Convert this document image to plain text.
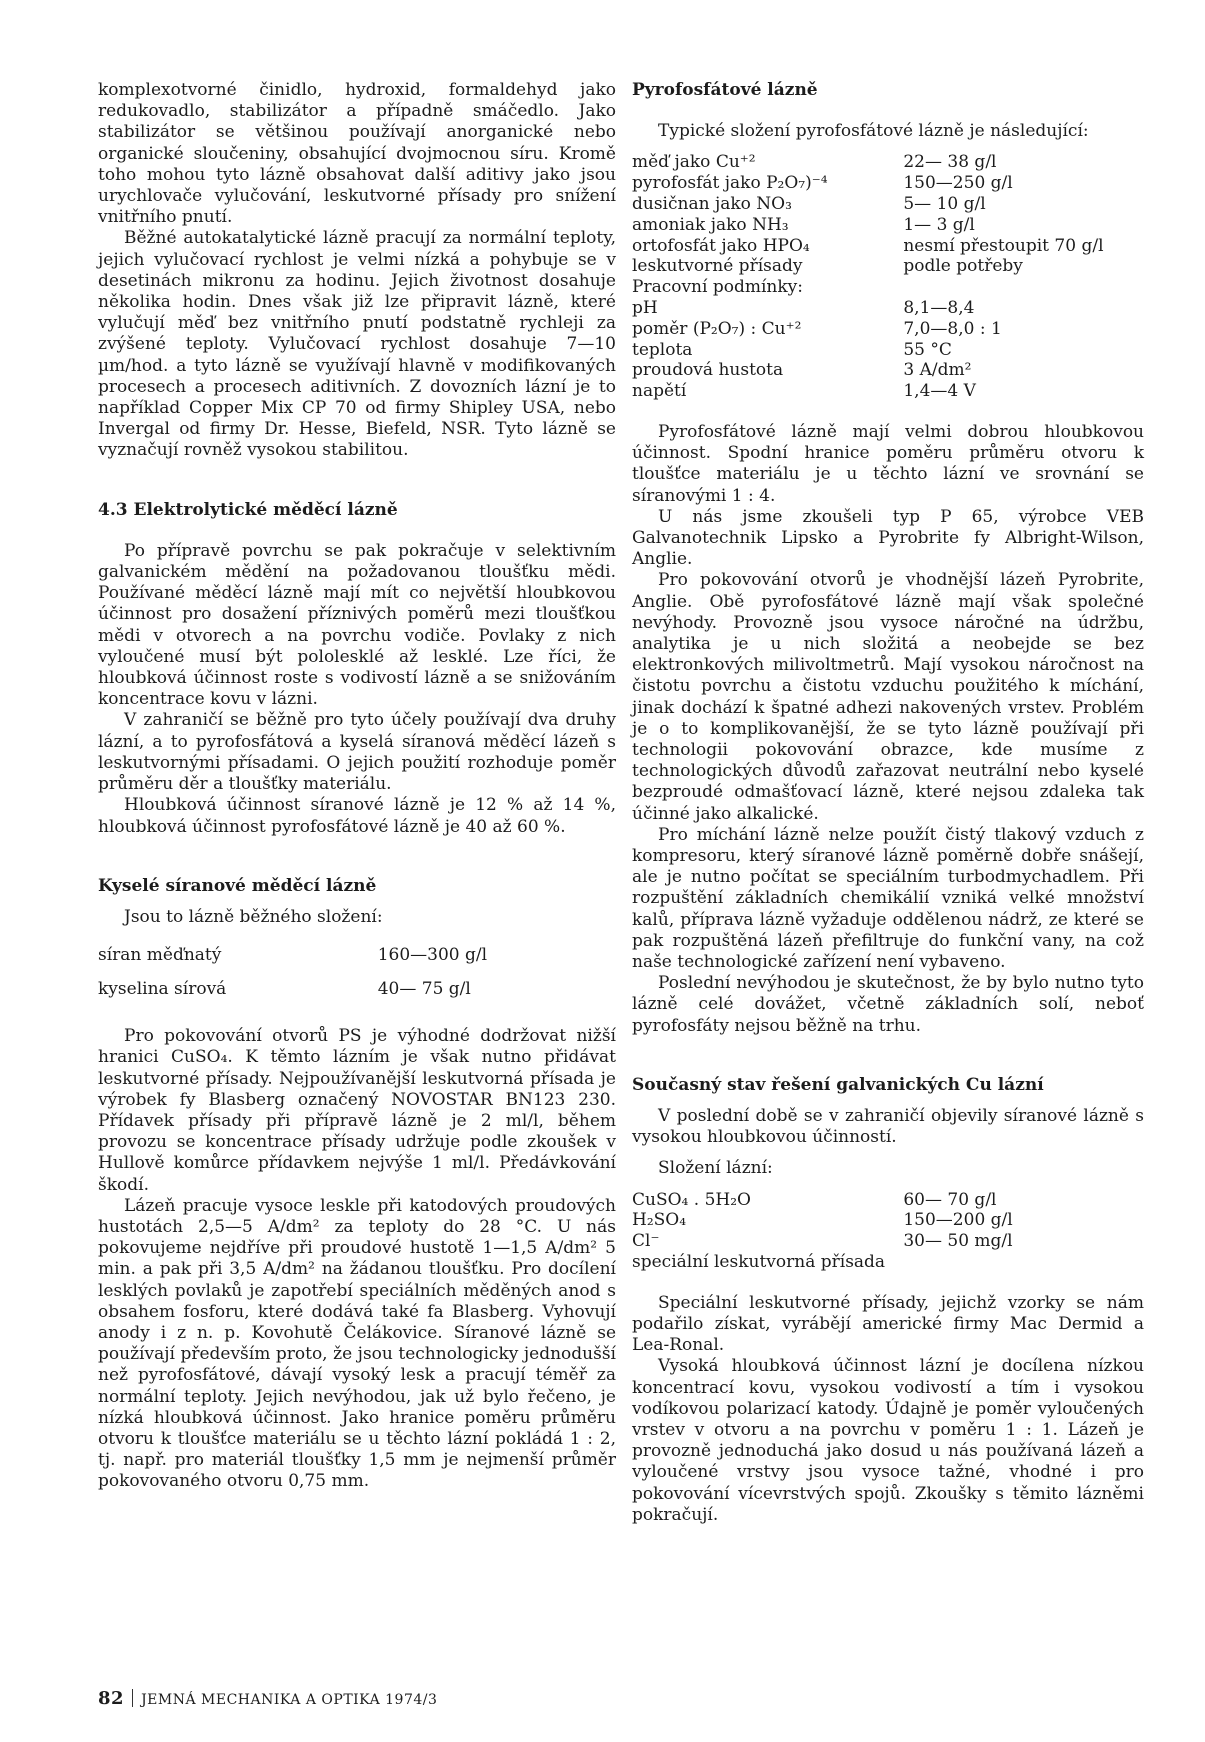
komplexotvorné činidlo, hydroxid, formaldehyd jako redukovadlo, stabilizátor a případně smáčedlo. Jako stabilizátor se většinou používají anorganické nebo organické sloučeniny, obsahující dvojmocnou síru. Kromě toho mohou tyto lázně obsahovat další aditivy jako jsou urychlovače vylučování, leskutvorné přísady pro snížení vnitřního pnutí.

Běžné autokatalytické lázně pracují za normální teploty, jejich vylučovací rychlost je velmi nízká a pohybuje se v desetinách mikronu za hodinu. Jejich životnost dosahuje několika hodin. Dnes však již lze připravit lázně, které vylučují měď bez vnitřního pnutí podstatně rychleji za zvýšené teploty. Vylučovací rychlost dosahuje 7—10 µm/hod. a tyto lázně se využívají hlavně v modifikovaných procesech a procesech aditivních. Z dovozních lázní je to například Copper Mix CP 70 od firmy Shipley USA, nebo Invergal od firmy Dr. Hesse, Biefeld, NSR. Tyto lázně se vyznačují rovněž vysokou stabilitou.

4.3 Elektrolytické měděcí lázně

Po přípravě povrchu se pak pokračuje v selektivním galvanickém mědění na požadovanou tloušťku mědi. Používané měděcí lázně mají mít co největší hloubkovou účinnost pro dosažení příznivých poměrů mezi tloušťkou mědi v otvorech a na povrchu vodiče. Povlaky z nich vyloučené musí být pololesklé až lesklé. Lze říci, že hloubková účinnost roste s vodivostí lázně a se snižováním koncentrace kovu v lázni.

V zahraničí se běžně pro tyto účely používají dva druhy lázní, a to pyrofosfátová a kyselá síranová měděcí lázeň s leskutvornými přísadami. O jejich použití rozhoduje poměr průměru děr a tloušťky materiálu.

Hloubková účinnost síranové lázně je 12 % až 14 %, hloubková účinnost pyrofosfátové lázně je 40 až 60 %.

Kyselé síranové měděcí lázně

Jsou to lázně běžného složení:

síran měďnatý	160—300 g/l
kyselina sírová	40— 75 g/l

Pro pokovování otvorů PS je výhodné dodržovat nižší hranici CuSO₄. K těmto lázním je však nutno přidávat leskutvorné přísady. Nejpoužívanější leskutvorná přísada je výrobek fy Blasberg označený NOVOSTAR BN123 230. Přídavek přísady při přípravě lázně je 2 ml/l, během provozu se koncentrace přísady udržuje podle zkoušek v Hullově komůrce přídavkem nejvýše 1 ml/l. Předávkování škodí.

Lázeň pracuje vysoce leskle při katodových proudových hustotách 2,5—5 A/dm² za teploty do 28 °C. U nás pokovujeme nejdříve při proudové hustotě 1—1,5 A/dm² 5 min. a pak při 3,5 A/dm² na žádanou tloušťku. Pro docílení lesklých povlaků je zapotřebí speciálních měděných anod s obsahem fosforu, které dodává také fa Blasberg. Vyhovují anody i z n. p. Kovohutě Čelákovice. Síranové lázně se používají především proto, že jsou technologicky jednodušší než pyrofosfátové, dávají vysoký lesk a pracují téměř za normální teploty. Jejich nevýhodou, jak už bylo řečeno, je nízká hloubková účinnost. Jako hranice poměru průměru otvoru k tloušťce materiálu se u těchto lázní pokládá 1 : 2, tj. např. pro materiál tloušťky 1,5 mm je nejmenší průměr pokovovaného otvoru 0,75 mm.

Pyrofosfátové lázně

Typické složení pyrofosfátové lázně je následující:

měď jako Cu⁺²	22— 38 g/l
pyrofosfát jako P₂O₇)⁻⁴	150—250 g/l
dusičnan jako NO₃	5— 10 g/l
amoniak jako NH₃	1— 3 g/l
ortofosfát jako HPO₄	nesmí přestoupit 70 g/l
leskutvorné přísady	podle potřeby
Pracovní podmínky:	
pH	8,1—8,4
poměr (P₂O₇) : Cu⁺²	7,0—8,0 : 1
teplota	55 °C
proudová hustota	3 A/dm²
napětí	1,4—4 V

Pyrofosfátové lázně mají velmi dobrou hloubkovou účinnost. Spodní hranice poměru průměru otvoru k tloušťce materiálu je u těchto lázní ve srovnání se síranovými 1 : 4.

U nás jsme zkoušeli typ P 65, výrobce VEB Galvanotechnik Lipsko a Pyrobrite fy Albright-Wilson, Anglie.

Pro pokovování otvorů je vhodnější lázeň Pyrobrite, Anglie. Obě pyrofosfátové lázně mají však společné nevýhody. Provozně jsou vysoce náročné na údržbu, analytika je u nich složitá a neobejde se bez elektronkových milivoltmetrů. Mají vysokou náročnost na čistotu povrchu a čistotu vzduchu použitého k míchání, jinak dochází k špatné adhezi nakovených vrstev. Problém je o to komplikovanější, že se tyto lázně používají při technologii pokovování obrazce, kde musíme z technologických důvodů zařazovat neutrální nebo kyselé bezproudé odmašťovací lázně, které nejsou zdaleka tak účinné jako alkalické.

Pro míchání lázně nelze použít čistý tlakový vzduch z kompresoru, který síranové lázně poměrně dobře snášejí, ale je nutno počítat se speciálním turbodmychadlem. Při rozpuštění základních chemikálií vzniká velké množství kalů, příprava lázně vyžaduje oddělenou nádrž, ze které se pak rozpuštěná lázeň přefiltruje do funkční vany, na což naše technologické zařízení není vybaveno.

Poslední nevýhodou je skutečnost, že by bylo nutno tyto lázně celé dovážet, včetně základních solí, neboť pyrofosfáty nejsou běžně na trhu.

Současný stav řešení galvanických Cu lázní

V poslední době se v zahraničí objevily síranové lázně s vysokou hloubkovou účinností.

Složení lázní:

CuSO₄ . 5H₂O	60— 70 g/l
H₂SO₄	150—200 g/l
Cl⁻	30— 50 mg/l
speciální leskutvorná přísada	

Speciální leskutvorné přísady, jejichž vzorky se nám podařilo získat, vyrábějí americké firmy Mac Dermid a Lea-Ronal.

Vysoká hloubková účinnost lázní je docílena nízkou koncentrací kovu, vysokou vodivostí a tím i vysokou vodíkovou polarizací katody. Údajně je poměr vyloučených vrstev v otvoru a na povrchu v poměru 1 : 1. Lázeň je provozně jednoduchá jako dosud u nás používaná lázeň a vyloučené vrstvy jsou vysoce tažné, vhodné i pro pokovování vícevrstvých spojů. Zkoušky s těmito lázněmi pokračují.

82 JEMNÁ MECHANIKA A OPTIKA 1974/3
